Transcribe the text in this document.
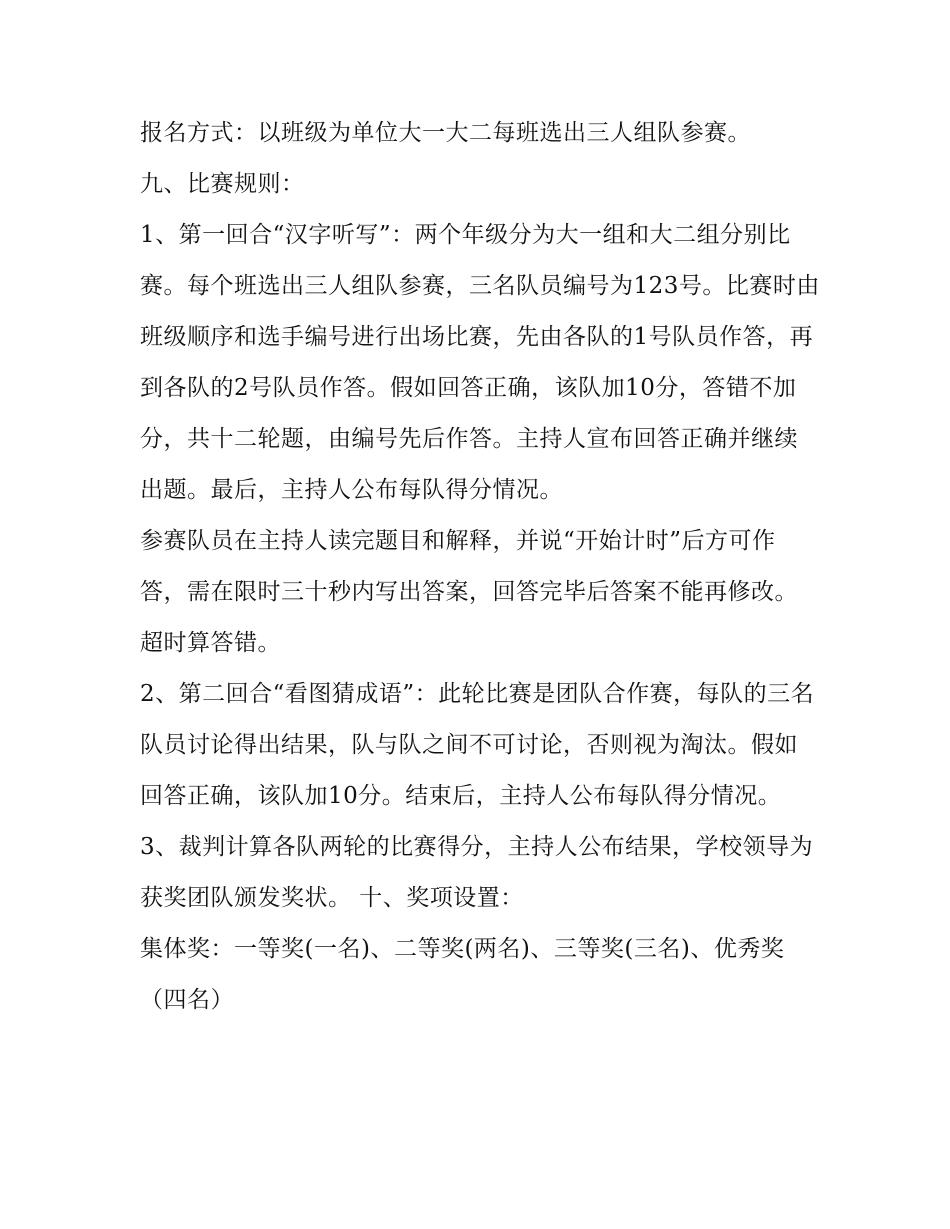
报名方式：以班级为单位大一大二每班选出三人组队参赛。

九、比赛规则：

1、第一回合“汉字听写”：两个年级分为大一组和大二组分别比赛。每个班选出三人组队参赛，三名队员编号为123号。比赛时由班级顺序和选手编号进行出场比赛，先由各队的1号队员作答，再到各队的2号队员作答。假如回答正确，该队加10分，答错不加分，共十二轮题，由编号先后作答。主持人宣布回答正确并继续出题。最后，主持人公布每队得分情况。

参赛队员在主持人读完题目和解释，并说“开始计时”后方可作答，需在限时三十秒内写出答案，回答完毕后答案不能再修改。超时算答错。

2、第二回合“看图猜成语”：此轮比赛是团队合作赛，每队的三名队员讨论得出结果，队与队之间不可讨论，否则视为淘汰。假如回答正确，该队加10分。结束后，主持人公布每队得分情况。

3、裁判计算各队两轮的比赛得分，主持人公布结果，学校领导为获奖团队颁发奖状。 十、奖项设置：

集体奖：一等奖(一名)、二等奖(两名)、三等奖(三名)、优秀奖（四名）
